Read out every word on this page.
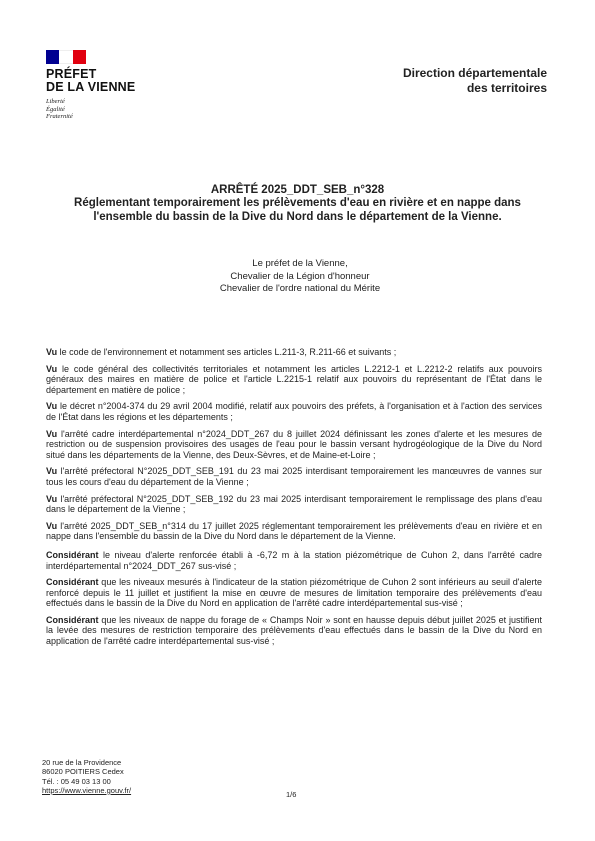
PRÉFET
DE LA VIENNE
Liberté
Égalité
Fraternité
Direction départementale
des territoires
ARRÊTÉ 2025_DDT_SEB_n°328
Réglementant temporairement les prélèvements d'eau en rivière et en nappe dans
l'ensemble du bassin de la Dive du Nord dans le département de la Vienne.
Le préfet de la Vienne,
Chevalier de la Légion d'honneur
Chevalier de l'ordre national du Mérite

Vu le code de l'environnement et notamment ses articles L.211-3, R.211-66 et suivants ;

Vu le code général des collectivités territoriales et notamment les articles L.2212-1 et L.2212-2 relatifs aux pouvoirs généraux des maires en matière de police et l'article L.2215-1 relatif aux pouvoirs du représentant de l'État dans le département en matière de police ;

Vu le décret n°2004-374 du 29 avril 2004 modifié, relatif aux pouvoirs des préfets, à l'organisation et à l'action des services de l'État dans les régions et les départements ;

Vu l'arrêté cadre interdépartemental n°2024_DDT_267 du 8 juillet 2024 définissant les zones d'alerte et les mesures de restriction ou de suspension provisoires des usages de l'eau pour le bassin versant hydrogéologique de la Dive du Nord situé dans les départements de la Vienne, des Deux-Sèvres, et de Maine-et-Loire ;

Vu l'arrêté préfectoral N°2025_DDT_SEB_191 du 23 mai 2025 interdisant temporairement les manœuvres de vannes sur tous les cours d'eau du département de la Vienne ;

Vu l'arrêté préfectoral N°2025_DDT_SEB_192 du 23 mai 2025 interdisant temporairement le remplissage des plans d'eau dans le département de la Vienne ;

Vu l'arrêté 2025_DDT_SEB_n°314 du 17 juillet 2025 réglementant temporairement les prélèvements d'eau en rivière et en nappe dans l'ensemble du bassin de la Dive du Nord dans le département de la Vienne.

Considérant le niveau d'alerte renforcée établi à -6,72 m à la station piézométrique de Cuhon 2, dans l'arrêté cadre interdépartemental n°2024_DDT_267 sus-visé ;

Considérant que les niveaux mesurés à l'indicateur de la station piézométrique de Cuhon 2 sont inférieurs au seuil d'alerte renforcé depuis le 11 juillet et justifient la mise en œuvre de mesures de limitation temporaire des prélèvements d'eau effectués dans le bassin de la Dive du Nord en application de l'arrêté cadre interdépartemental sus-visé ;

Considérant que les niveaux de nappe du forage de « Champs Noir » sont en hausse depuis début juillet 2025 et justifient la levée des mesures de restriction temporaire des prélèvements d'eau effectués dans le bassin de la Dive du Nord en application de l'arrêté cadre interdépartemental sus-visé ;

20 rue de la Providence
86020 POITIERS Cedex
Tél. : 05 49 03 13 00
https://www.vienne.gouv.fr/	1/6
